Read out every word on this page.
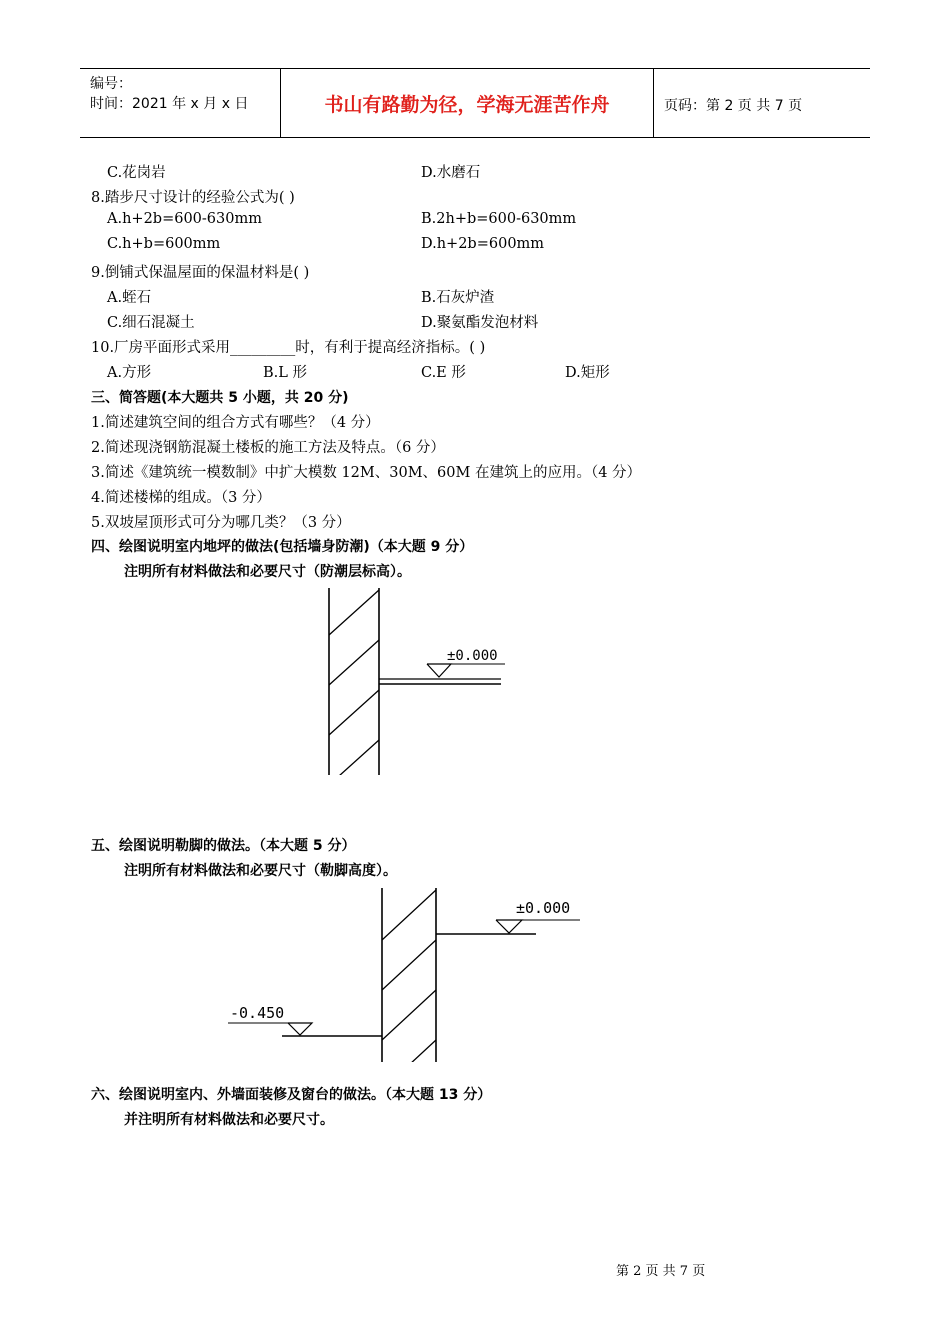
编号：
时间：2021 年 x 月 x 日	书山有路勤为径，学海无涯苦作舟	页码：第 2 页 共 7 页
C.花岗岩	D.水磨石
8.踏步尺寸设计的经验公式为( )
A.h+2b=600-630mm	B.2h+b=600-630mm
C.h+b=600mm	D.h+2b=600mm
9.倒铺式保温屋面的保温材料是( )
A.蛭石	B.石灰炉渣
C.细石混凝土	D.聚氨酯发泡材料
10.厂房平面形式采用_________时，有利于提高经济指标。( )
A.方形	B.L 形	C.E 形	D.矩形
三、简答题(本大题共 5 小题，共 20 分)
1.简述建筑空间的组合方式有哪些？（4 分）
2.简述现浇钢筋混凝土楼板的施工方法及特点。（6 分）
3.简述《建筑统一模数制》中扩大模数 12M、30M、60M 在建筑上的应用。（4 分）
4.简述楼梯的组成。（3 分）
5.双坡屋顶形式可分为哪几类？（3 分）
四、绘图说明室内地坪的做法(包括墙身防潮)（本大题 9 分）
注明所有材料做法和必要尺寸（防潮层标高）。
±0.000
五、绘图说明勒脚的做法。（本大题 5 分）
注明所有材料做法和必要尺寸（勒脚高度）。
±0.000
-0.450
六、绘图说明室内、外墙面装修及窗台的做法。（本大题 13 分）
并注明所有材料做法和必要尺寸。
第 2 页 共 7 页
